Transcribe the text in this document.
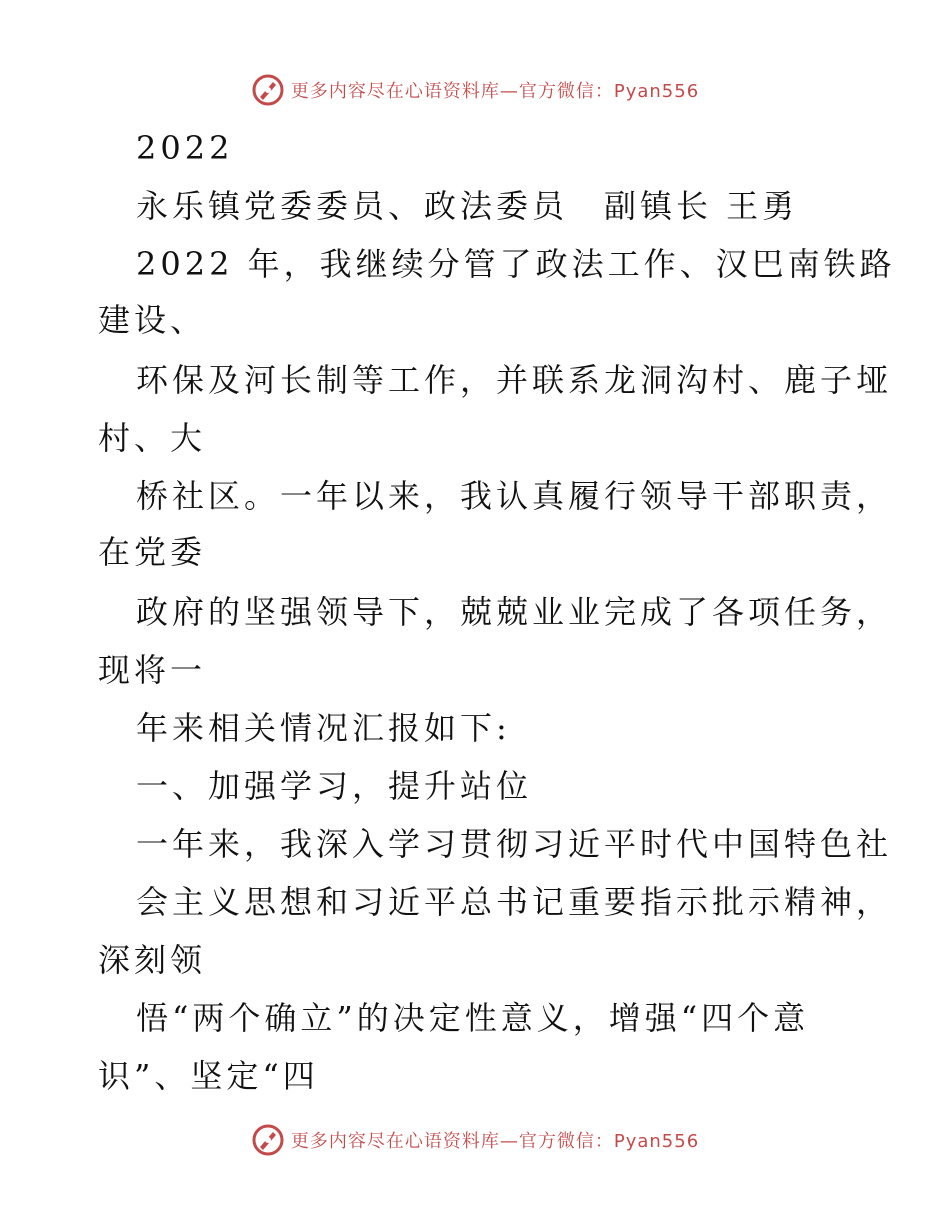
更多内容尽在心语资料库—官方微信：Pyan556
2022
永乐镇党委委员、政法委员　副镇长 王勇
2022 年，我继续分管了政法工作、汉巴南铁路
建设、
环保及河长制等工作，并联系龙洞沟村、鹿子垭
村、大
桥社区。一年以来，我认真履行领导干部职责，
在党委
政府的坚强领导下，兢兢业业完成了各项任务，
现将一
年来相关情况汇报如下:
一、加强学习，提升站位
一年来，我深入学习贯彻习近平时代中国特色社
会主义思想和习近平总书记重要指示批示精神，
深刻领
悟“两个确立”的决定性意义，增强“四个意
识”、坚定“四
更多内容尽在心语资料库—官方微信：Pyan556
